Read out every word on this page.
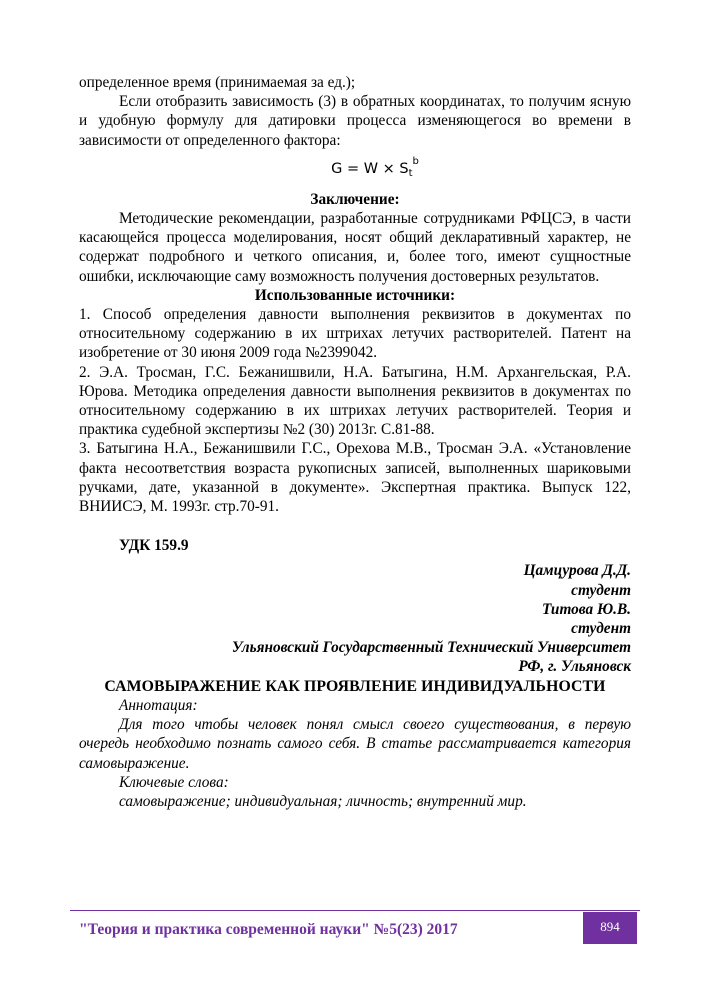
определенное время (принимаемая за ед.);

Если отобразить зависимость (3) в обратных координатах, то получим ясную и удобную формулу для датировки процесса изменяющегося во времени в зависимости от определенного фактора:

$G = W \times S_t^b$

Заключение:

Методические рекомендации, разработанные сотрудниками РФЦСЭ, в части касающейся процесса моделирования, носят общий декларативный характер, не содержат подробного и четкого описания, и, более того, имеют сущностные ошибки, исключающие саму возможность получения достоверных результатов.

Использованные источники:

1. Способ определения давности выполнения реквизитов в документах по относительному содержанию в их штрихах летучих растворителей. Патент на изобретение от 30 июня 2009 года №2399042.

2. Э.А. Тросман, Г.С. Бежанишвили, Н.А. Батыгина, Н.М. Архангельская, Р.А. Юрова. Методика определения давности выполнения реквизитов в документах по относительному содержанию в их штрихах летучих растворителей. Теория и практика судебной экспертизы №2 (30) 2013г. С.81-88.

3. Батыгина Н.А., Бежанишвили Г.С., Орехова М.В., Тросман Э.А. «Установление факта несоответствия возраста рукописных записей, выполненных шариковыми ручками, дате, указанной в документе». Экспертная практика. Выпуск 122, ВНИИСЭ, М. 1993г. стр.70-91.

УДК 159.9

Цамцурова Д.Д.

студент

Титова Ю.В.

студент

Ульяновский Государственный Технический Университет

РФ, г. Ульяновск

САМОВЫРАЖЕНИЕ КАК ПРОЯВЛЕНИЕ ИНДИВИДУАЛЬНОСТИ

Аннотация:

Для того чтобы человек понял смысл своего существования, в первую очередь необходимо познать самого себя. В статье рассматривается категория самовыражение.

Ключевые слова:

самовыражение; индивидуальная; личность; внутренний мир.

"Теория и практика современной науки" №5(23) 2017	894
